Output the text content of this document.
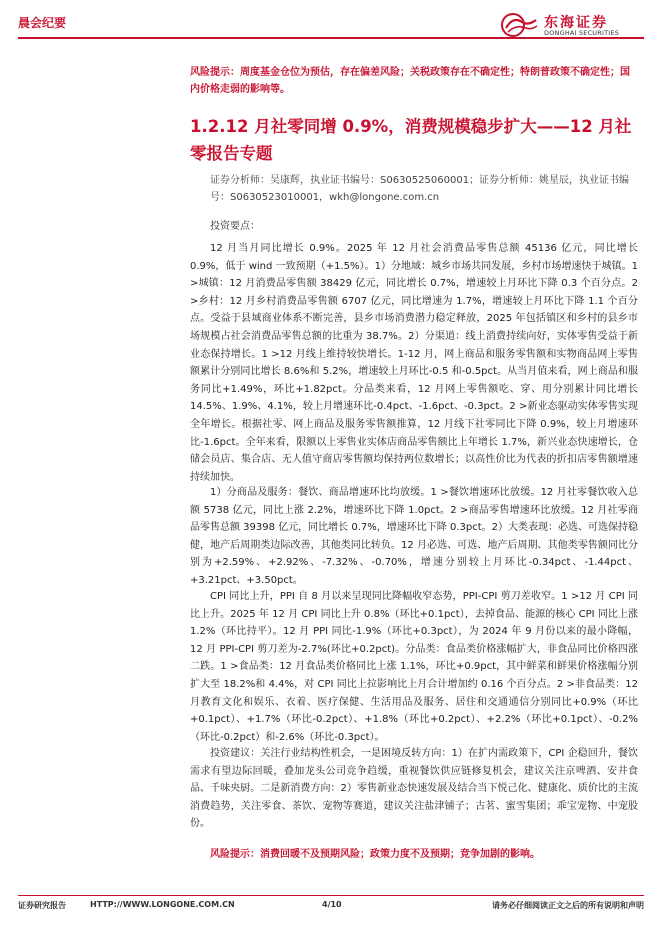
晨会纪要	东海证券
DONGHAI SECURITIES

风险提示：周度基金仓位为预估，存在偏差风险；关税政策存在不确定性；特朗普政策不确定性；国内价格走弱的影响等。

1.2.12 月社零同增 0.9%，消费规模稳步扩大——12 月社零报告专题

证券分析师：吴康辉，执业证书编号：S0630525060001；证券分析师：姚星辰，执业证书编号：S0630523010001，wkh@longone.com.cn

投资要点：

12 月当月同比增长 0.9%。2025 年 12 月社会消费品零售总额 45136 亿元，同比增长 0.9%，低于 wind 一致预期（+1.5%）。1）分地域：城乡市场共同发展，乡村市场增速快于城镇。1 >城镇：12 月消费品零售额 38429 亿元，同比增长 0.7%，增速较上月环比下降 0.3 个百分点。2 >乡村：12 月乡村消费品零售额 6707 亿元，同比增速为 1.7%，增速较上月环比下降 1.1 个百分点。受益于县域商业体系不断完善，县乡市场消费潜力稳定释放，2025 年包括镇区和乡村的县乡市场规模占社会消费品零售总额的比重为 38.7%。2）分渠道：线上消费持续向好，实体零售受益于新业态保持增长。1 >12 月线上维持较快增长。1-12 月，网上商品和服务零售额和实物商品网上零售额累计分别同比增长 8.6%和 5.2%，增速较上月环比-0.5 和-0.5pct。从当月值来看，网上商品和服务同比+1.49%，环比+1.82pct。分品类来看，12 月网上零售额吃、穿、用分别累计同比增长 14.5%、1.9%、4.1%，较上月增速环比-0.4pct、-1.6pct、-0.3pct。2 >新业态驱动实体零售实现全年增长。根据社零、网上商品及服务零售额推算，12 月线下社零同比下降 0.9%，较上月增速环比-1.6pct。全年来看，限额以上零售业实体店商品零售额比上年增长 1.7%，新兴业态快速增长，仓储会员店、集合店、无人值守商店零售额均保持两位数增长；以高性价比为代表的折扣店零售额增速持续加快。

1）分商品及服务：餐饮、商品增速环比均放缓。1 >餐饮增速环比放缓。12 月社零餐饮收入总额 5738 亿元，同比上涨 2.2%，增速环比下降 1.0pct。2 >商品零售增速环比放缓。12 月社零商品零售总额 39398 亿元，同比增长 0.7%，增速环比下降 0.3pct。2）大类表现：必选、可选保持稳健，地产后周期类边际改善，其他类同比转负。12 月必选、可选、地产后周期、其他类零售额同比分别为+2.59%、+2.92%、-7.32%、-0.70%，增速分别较上月环比-0.34pct、-1.44pct、+3.21pct、+3.50pct。

CPI 同比上升，PPI 自 8 月以来呈现同比降幅收窄态势，PPI-CPI 剪刀差收窄。1 >12 月 CPI 同比上升。2025 年 12 月 CPI 同比上升 0.8%（环比+0.1pct），去掉食品、能源的核心 CPI 同比上涨 1.2%（环比持平）。12 月 PPI 同比-1.9%（环比+0.3pct），为 2024 年 9 月份以来的最小降幅，12 月 PPI-CPI 剪刀差为-2.7%(环比+0.2pct)。分品类：食品类价格涨幅扩大，非食品同比价格四涨二跌。1 >食品类：12 月食品类价格同比上涨 1.1%，环比+0.9pct，其中鲜菜和鲜果价格涨幅分别扩大至 18.2%和 4.4%，对 CPI 同比上拉影响比上月合计增加约 0.16 个百分点。2 >非食品类：12 月教育文化和娱乐、衣着、医疗保健、生活用品及服务、居住和交通通信分别同比+0.9%（环比+0.1pct）、+1.7%（环比-0.2pct）、+1.8%（环比+0.2pct）、+2.2%（环比+0.1pct）、-0.2%（环比-0.2pct）和-2.6%（环比-0.3pct）。

投资建议：关注行业结构性机会，一是困境反转方向：1）在扩内需政策下，CPI 企稳回升，餐饮需求有望边际回暖，叠加龙头公司竞争趋缓，重视餐饮供应链修复机会，建议关注京啤酒、安井食品、千味央厨。二是新消费方向：2）零售新业态快速发展及结合当下悦己化、健康化、质价比的主流消费趋势，关注零食、茶饮、宠物等赛道，建议关注盐津铺子；古茗、蜜雪集团；乖宝宠物、中宠股份。

风险提示：消费回暖不及预期风险；政策力度不及预期；竞争加剧的影响。

证券研究报告	HTTP://WWW.LONGONE.COM.CN	4/10	请务必仔细阅读正文之后的所有说明和声明
